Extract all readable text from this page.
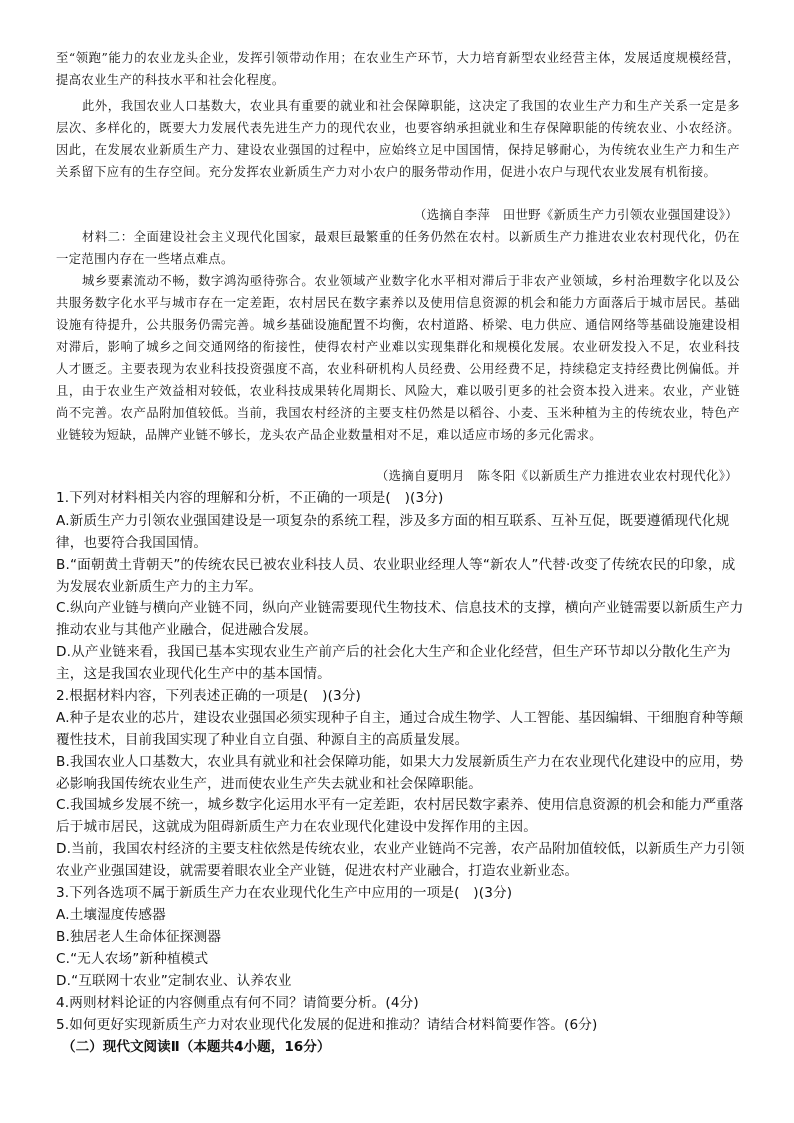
至“领跑”能力的农业龙头企业，发挥引领带动作用；在农业生产环节，大力培育新型农业经营主体，发展适度规模经营，提高农业生产的科技水平和社会化程度。

此外，我国农业人口基数大，农业具有重要的就业和社会保障职能，这决定了我国的农业生产力和生产关系一定是多层次、多样化的，既要大力发展代表先进生产力的现代农业，也要容纳承担就业和生存保障职能的传统农业、小农经济。因此，在发展农业新质生产力、建设农业强国的过程中，应始终立足中国国情，保持足够耐心，为传统农业生产力和生产关系留下应有的生存空间。充分发挥农业新质生产力对小农户的服务带动作用，促进小农户与现代农业发展有机衔接。

（选摘自李萍　田世野《新质生产力引领农业强国建设》）

材料二：全面建设社会主义现代化国家，最艰巨最繁重的任务仍然在农村。以新质生产力推进农业农村现代化，仍在一定范围内存在一些堵点难点。

城乡要素流动不畅，数字鸿沟亟待弥合。农业领域产业数字化水平相对滞后于非农产业领域，乡村治理数字化以及公共服务数字化水平与城市存在一定差距，农村居民在数字素养以及使用信息资源的机会和能力方面落后于城市居民。基础设施有待提升，公共服务仍需完善。城乡基础设施配置不均衡，农村道路、桥梁、电力供应、通信网络等基础设施建设相对滞后，影响了城乡之间交通网络的衔接性，使得农村产业难以实现集群化和规模化发展。农业研发投入不足，农业科技人才匮乏。主要表现为农业科技投资强度不高，农业科研机构人员经费、公用经费不足，持续稳定支持经费比例偏低。并且，由于农业生产效益相对较低，农业科技成果转化周期长、风险大，难以吸引更多的社会资本投入进来。农业，产业链尚不完善。农产品附加值较低。当前，我国农村经济的主要支柱仍然是以稻谷、小麦、玉米种植为主的传统农业，特色产业链较为短缺，品牌产业链不够长，龙头农产品企业数量相对不足，难以适应市场的多元化需求。

（选摘自夏明月　陈冬阳《以新质生产力推进农业农村现代化》）

1.下列对材料相关内容的理解和分析，不正确的一项是(　)(3分)

A.新质生产力引领农业强国建设是一项复杂的系统工程，涉及多方面的相互联系、互补互促，既要遵循现代化规律，也要符合我国国情。

B.“面朝黄土背朝天”的传统农民已被农业科技人员、农业职业经理人等“新农人”代替·改变了传统农民的印象，成为发展农业新质生产力的主力军。

C.纵向产业链与横向产业链不同，纵向产业链需要现代生物技术、信息技术的支撑，横向产业链需要以新质生产力推动农业与其他产业融合，促进融合发展。

D.从产业链来看，我国已基本实现农业生产前产后的社会化大生产和企业化经营，但生产环节却以分散化生产为主，这是我国农业现代化生产中的基本国情。

2.根据材料内容，下列表述正确的一项是(　)(3分)

A.种子是农业的芯片，建设农业强国必须实现种子自主，通过合成生物学、人工智能、基因编辑、干细胞育种等颠覆性技术，目前我国实现了种业自立自强、种源自主的高质量发展。

B.我国农业人口基数大，农业具有就业和社会保障功能，如果大力发展新质生产力在农业现代化建设中的应用，势必影响我国传统农业生产，进而使农业生产失去就业和社会保障职能。

C.我国城乡发展不统一，城乡数字化运用水平有一定差距，农村居民数字素养、使用信息资源的机会和能力严重落后于城市居民，这就成为阻碍新质生产力在农业现代化建设中发挥作用的主因。

D.当前，我国农村经济的主要支柱依然是传统农业，农业产业链尚不完善，农产品附加值较低，以新质生产力引领农业产业强国建设，就需要着眼农业全产业链，促进农村产业融合，打造农业新业态。

3.下列各选项不属于新质生产力在农业现代化生产中应用的一项是(　)(3分)

A.土壤湿度传感器

B.独居老人生命体征探测器

C.“无人农场”新种植模式

D.“互联网十农业”定制农业、认养农业

4.两则材料论证的内容侧重点有何不同？请简要分析。(4分)

5.如何更好实现新质生产力对农业现代化发展的促进和推动？请结合材料简要作答。(6分)

（二）现代文阅读Ⅱ（本题共4小题，16分）
